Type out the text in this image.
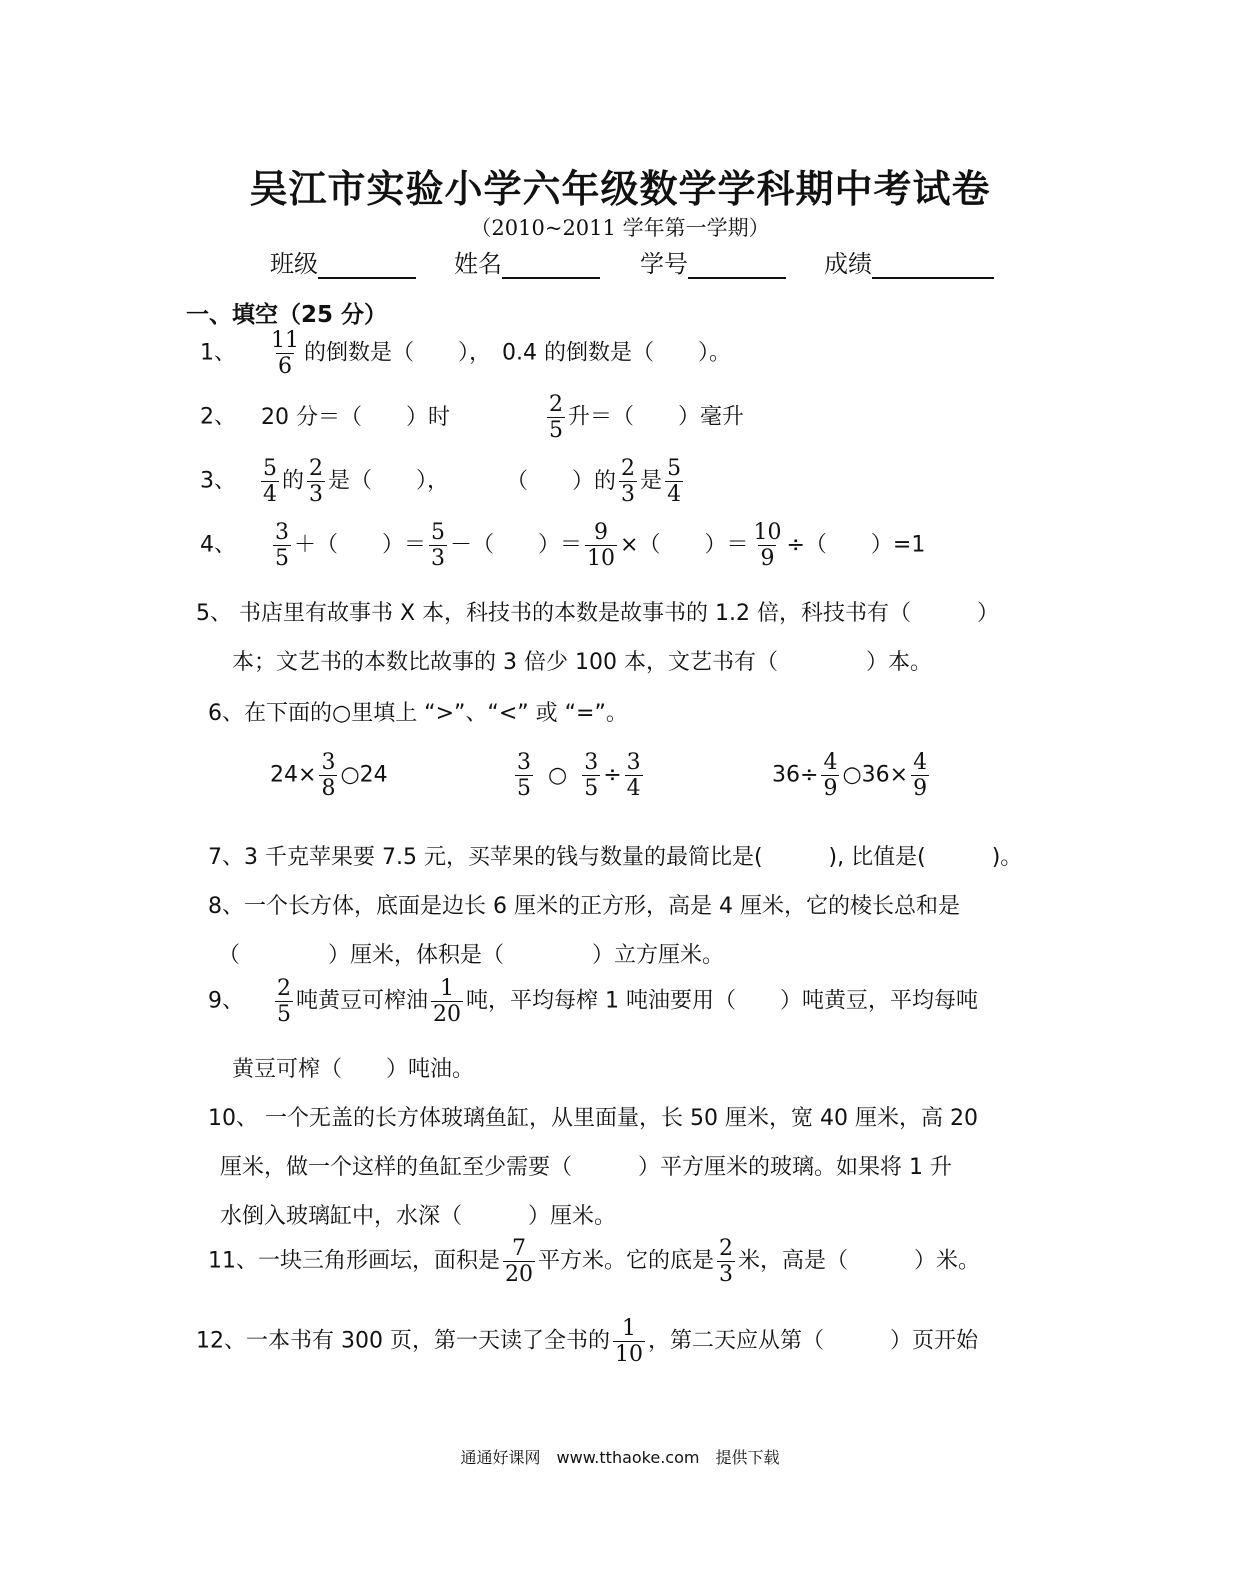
吴江市实验小学六年级数学学科期中考试卷
（2010~2011 学年第一学期）
班级	姓名	学号	成绩
一、填空（25 分）
1、 $\frac{11}{6}$ 的倒数是（　　），　0.4 的倒数是（　　）。
2、 20 分＝（　　）时	$\frac{2}{5}$ 升＝（　　）毫升
3、 $\frac{5}{4}$ 的 $\frac{2}{3}$ 是（　　），	（　　）的 $\frac{2}{3}$ 是 $\frac{5}{4}$
4、 $\frac{3}{5}$ ＋（　　）＝ $\frac{5}{3}$ －（　　）＝ $\frac{9}{10}$ ×（　　）＝ $\frac{10}{9}$ ÷（　　）=1
5、 书店里有故事书 X 本，科技书的本数是故事书的 1.2 倍，科技书有（　　　）
本；文艺书的本数比故事的 3 倍少 100 本，文艺书有（　　　　）本。
6、在下面的○里填上 “>”、“<” 或 “=”。
$24\times \frac{3}{8}$ ○24	$\frac{3}{5}$ ○ $\frac{3}{5} \div \frac{3}{4}$	$36\div \frac{4}{9}$ ○36× $\frac{4}{9}$
7、3 千克苹果要 7.5 元，买苹果的钱与数量的最简比是(　　　), 比值是(　　　)。
8、一个长方体，底面是边长 6 厘米的正方形，高是 4 厘米，它的棱长总和是
（　　　　）厘米，体积是（　　　　）立方厘米。
9、 $\frac{2}{5}$ 吨黄豆可榨油 $\frac{1}{20}$ 吨，平均每榨 1 吨油要用（　　）吨黄豆，平均每吨
黄豆可榨（　　）吨油。
10、 一个无盖的长方体玻璃鱼缸，从里面量，长 50 厘米，宽 40 厘米，高 20
厘米，做一个这样的鱼缸至少需要（　　　）平方厘米的玻璃。如果将 1 升
水倒入玻璃缸中，水深（　　　）厘米。
11、一块三角形画坛，面积是 $\frac{7}{20}$ 平方米。它的底是 $\frac{2}{3}$ 米，高是（　　　）米。
12、一本书有 300 页，第一天读了全书的 $\frac{1}{10}$ ，第二天应从第（　　　）页开始
通通好课网　www.tthaoke.com　提供下载
